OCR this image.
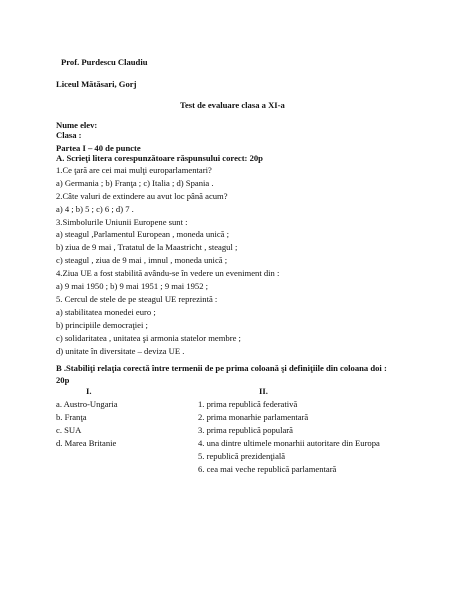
Prof. Purdescu Claudiu
Liceul Mătăsari, Gorj
Test de evaluare clasa a XI-a
Nume elev:
Clasa :
Partea I – 40 de puncte
A. Scrieţi litera corespunzătoare răspunsului corect: 20p
1.Ce ţară are cei mai mulţi europarlamentari?
a) Germania ; b) Franţa ; c) Italia ; d) Spania .
2.Câte valuri de extindere au avut loc până acum?
a) 4 ; b) 5 ; c) 6 ; d) 7 .
3.Simbolurile Uniunii Europene sunt :
a) steagul ,Parlamentul European , moneda unică ;
b) ziua de 9 mai , Tratatul de la Maastricht , steagul ;
c) steagul , ziua de 9 mai , imnul , moneda unică ;
4.Ziua UE a fost stabilită avându-se în vedere un eveniment din :
a) 9 mai 1950 ; b) 9 mai 1951 ; 9 mai 1952 ;
5. Cercul de stele de pe steagul UE reprezintă :
a) stabilitatea monedei euro ;
b) principiile democraţiei ;
c) solidaritatea , unitatea şi armonia statelor membre ;
d) unitate în diversitate – deviza UE .
B .Stabiliţi relaţia corectă între termenii de pe prima coloană şi definiţiile din coloana doi :
20p
I.	II.
a. Austro-Ungaria
b. Franţa
c. SUA
d. Marea Britanie
1. prima republică federativă
2. prima monarhie parlamentară
3. prima republică populară
4. una dintre ultimele monarhii autoritare din Europa
5. republică prezidenţială
6. cea mai veche republică parlamentară
